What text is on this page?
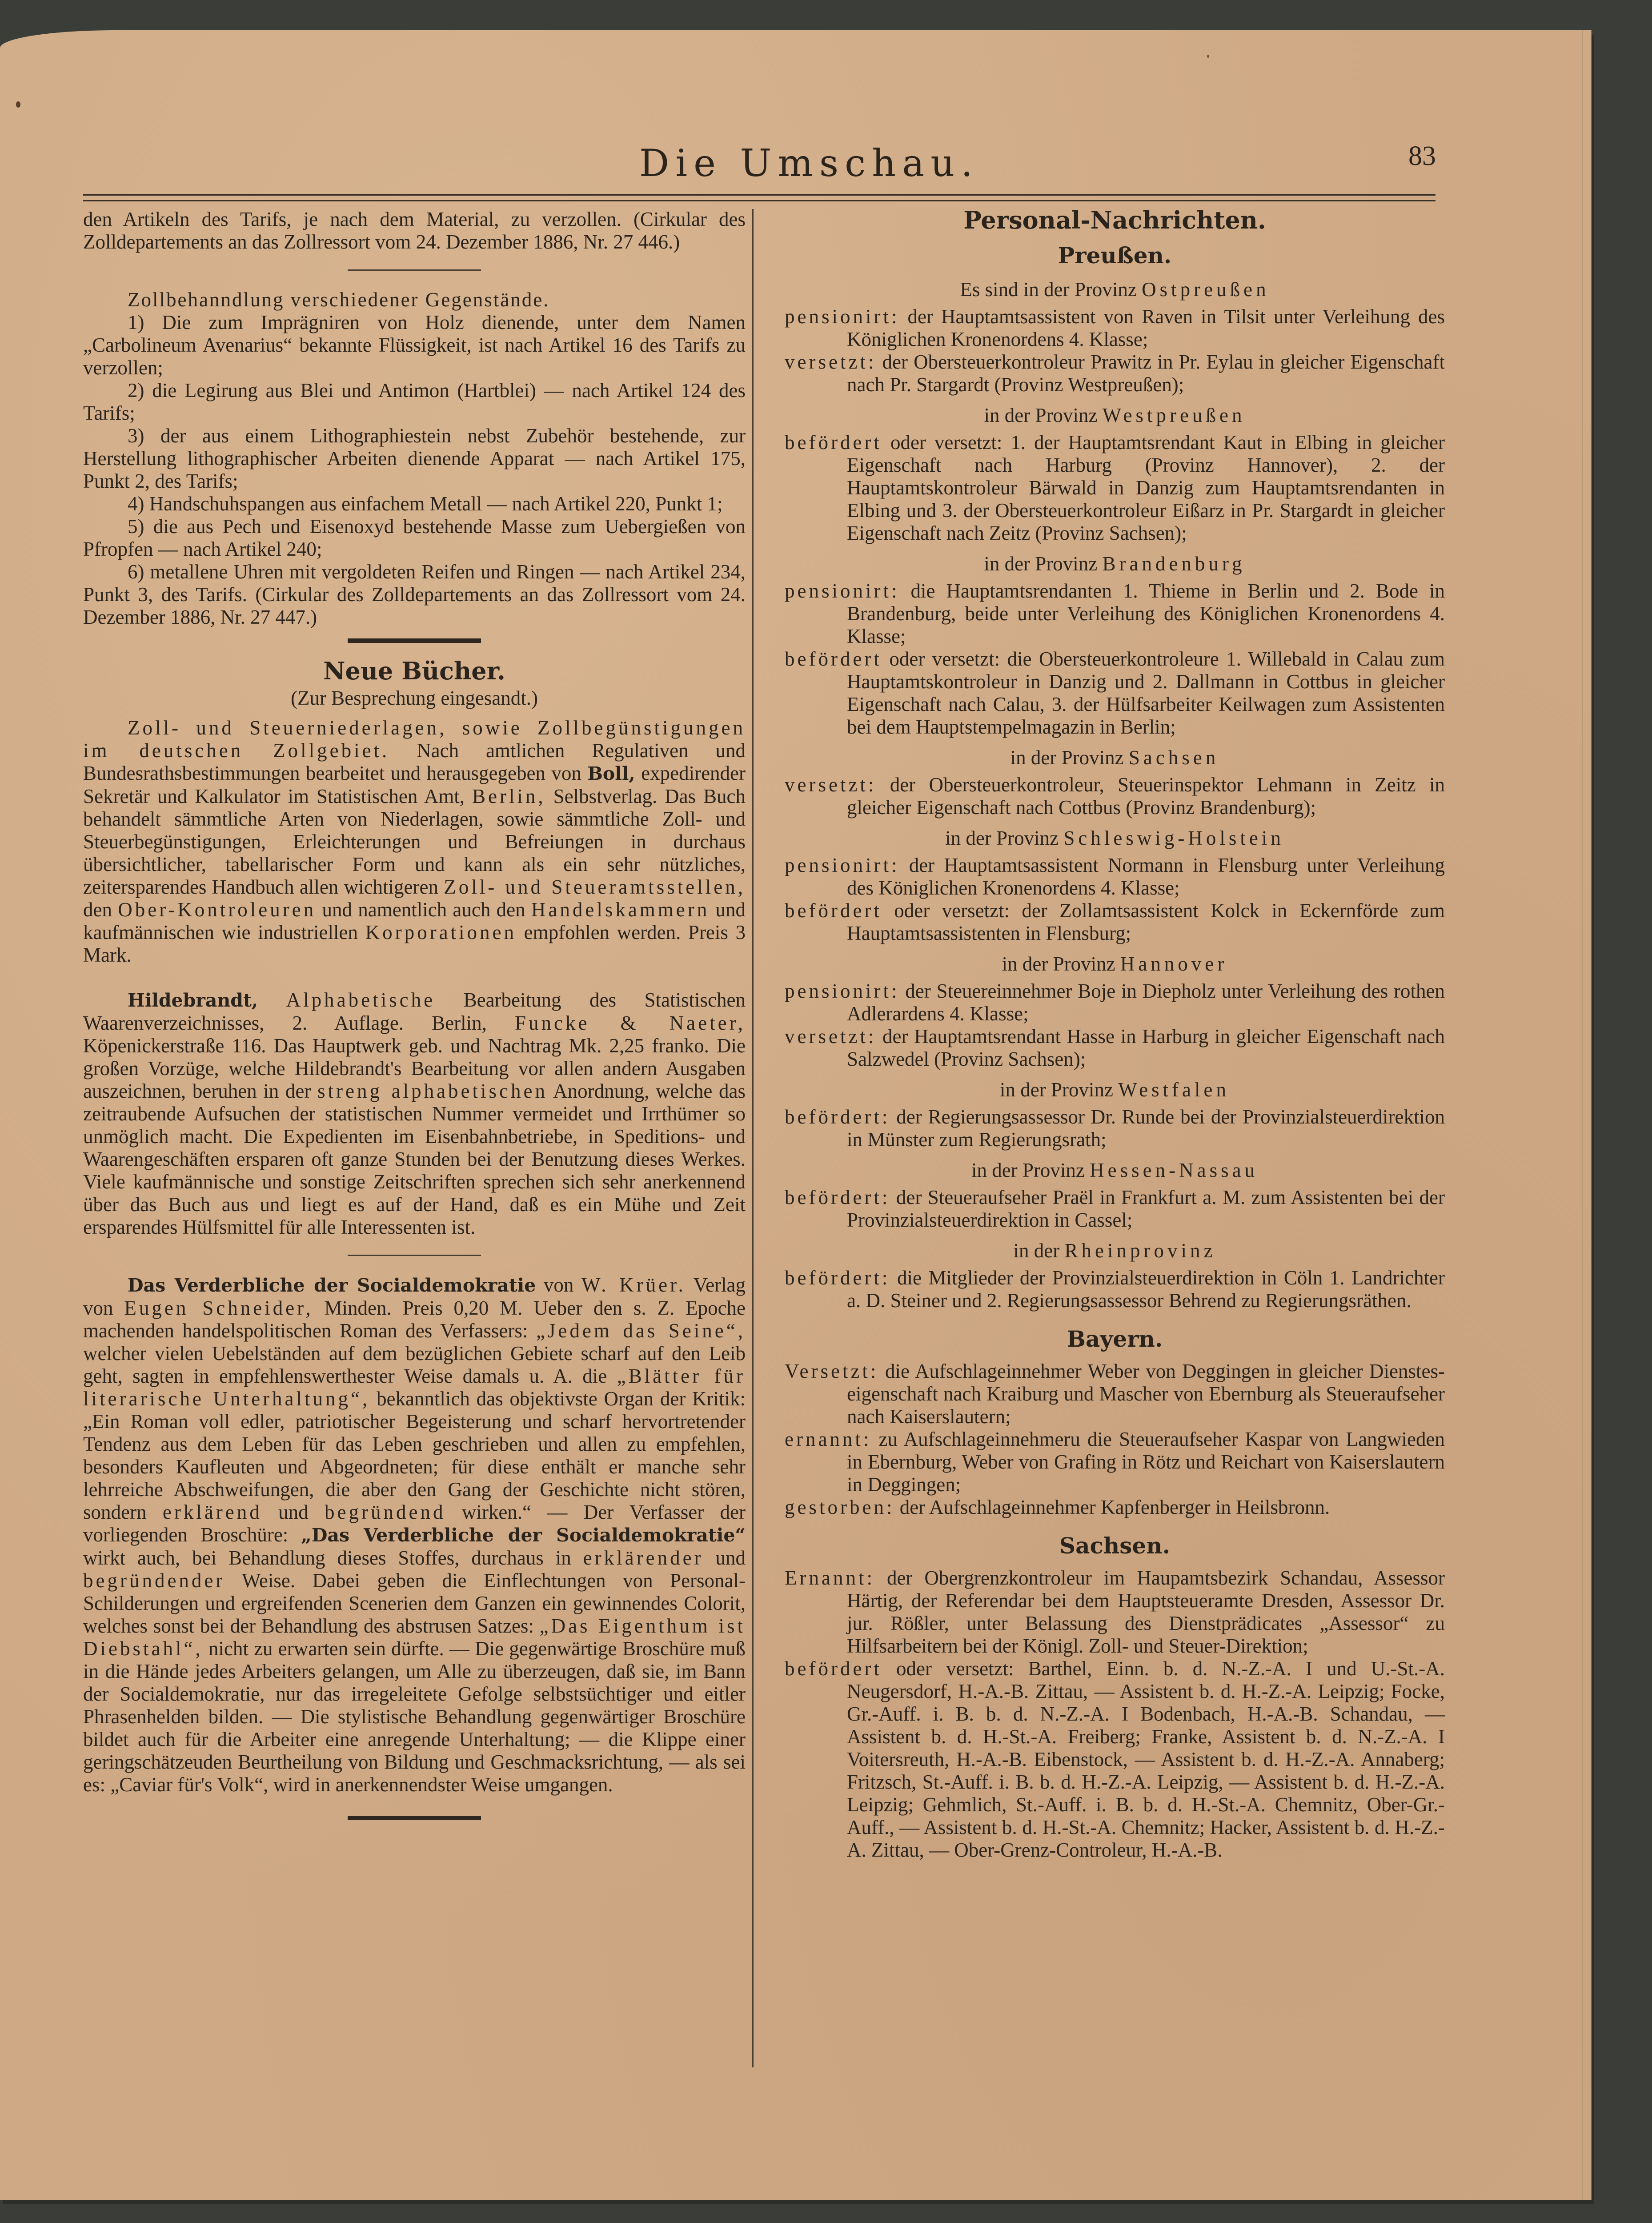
Die Umschau.	83

den Artikeln des Tarifs, je nach dem Material, zu verzollen. (Cirkular des Zolldepartements an das Zollressort vom 24. Dezember 1886, Nr. 27 446.)

Zollbehanndlung verschiedener Gegenstände.

1) Die zum Imprägniren von Holz dienende, unter dem Namen „Carbolineum Avenarius“ bekannte Flüssigkeit, ist nach Artikel 16 des Tarifs zu verzollen;

2) die Legirung aus Blei und Antimon (Hartblei) — nach Artikel 124 des Tarifs;

3) der aus einem Lithographiestein nebst Zubehör bestehende, zur Herstellung lithographischer Arbeiten dienende Apparat — nach Artikel 175, Punkt 2, des Tarifs;

4) Handschuhspangen aus einfachem Metall — nach Artikel 220, Punkt 1;

5) die aus Pech und Eisenoxyd bestehende Masse zum Uebergießen von Pfropfen — nach Artikel 240;

6) metallene Uhren mit vergoldeten Reifen und Ringen — nach Artikel 234, Punkt 3, des Tarifs. (Cirkular des Zolldepartements an das Zollressort vom 24. Dezember 1886, Nr. 27 447.)

Neue Bücher.
(Zur Besprechung eingesandt.)

Zoll- und Steuerniederlagen, sowie Zollbegünstigungen im deutschen Zollgebiet. Nach amtlichen Regulativen und Bundesrathsbestimmungen bearbeitet und herausgegeben von Boll, expedirender Sekretär und Kalkulator im Statistischen Amt, Berlin, Selbstverlag. Das Buch behandelt sämmtliche Arten von Niederlagen, sowie sämmtliche Zoll- und Steuerbegünstigungen, Erleichterungen und Befreiungen in durchaus übersichtlicher, tabellarischer Form und kann als ein sehr nützliches, zeitersparendes Handbuch allen wichtigeren Zoll- und Steueramtsstellen, den Ober-Kontroleuren und namentlich auch den Handelskammern und kaufmännischen wie industriellen Korporationen empfohlen werden. Preis 3 Mark.

Hildebrandt, Alphabetische Bearbeitung des Statistischen Waarenverzeichnisses, 2. Auflage. Berlin, Funcke & Naeter, Köpenickerstraße 116. Das Hauptwerk geb. und Nachtrag Mk. 2,25 franko. Die großen Vorzüge, welche Hildebrandt's Bearbeitung vor allen andern Ausgaben auszeichnen, beruhen in der streng alphabetischen Anordnung, welche das zeitraubende Aufsuchen der statistischen Nummer vermeidet und Irrthümer so unmöglich macht. Die Expedienten im Eisenbahnbetriebe, in Speditions- und Waarengeschäften ersparen oft ganze Stunden bei der Benutzung dieses Werkes. Viele kaufmännische und sonstige Zeitschriften sprechen sich sehr anerkennend über das Buch aus und liegt es auf der Hand, daß es ein Mühe und Zeit ersparendes Hülfsmittel für alle Interessenten ist.

Das Verderbliche der Socialdemokratie von W. Krüer. Verlag von Eugen Schneider, Minden. Preis 0,20 M. Ueber den s. Z. Epoche machenden handelspolitischen Roman des Verfassers: „Jedem das Seine“, welcher vielen Uebelständen auf dem bezüglichen Gebiete scharf auf den Leib geht, sagten in empfehlenswerthester Weise damals u. A. die „Blätter für literarische Unterhaltung“, bekanntlich das objektivste Organ der Kritik: „Ein Roman voll edler, patriotischer Begeisterung und scharf hervortretender Tendenz aus dem Leben für das Leben geschrieben und allen zu empfehlen, besonders Kaufleuten und Abgeordneten; für diese enthält er manche sehr lehrreiche Abschweifungen, die aber den Gang der Geschichte nicht stören, sondern erklärend und begründend wirken.“ — Der Verfasser der vorliegenden Broschüre: „Das Verderbliche der Socialdemokratie“ wirkt auch, bei Behandlung dieses Stoffes, durchaus in erklärender und begründender Weise. Dabei geben die Einflechtungen von Personal-Schilderungen und ergreifenden Scenerien dem Ganzen ein gewinnendes Colorit, welches sonst bei der Behandlung des abstrusen Satzes: „Das Eigenthum ist Diebstahl“, nicht zu erwarten sein dürfte. — Die gegenwärtige Broschüre muß in die Hände jedes Arbeiters gelangen, um Alle zu überzeugen, daß sie, im Bann der Socialdemokratie, nur das irregeleitete Gefolge selbstsüchtiger und eitler Phrasenhelden bilden. — Die stylistische Behandlung gegenwärtiger Broschüre bildet auch für die Arbeiter eine anregende Unterhaltung; — die Klippe einer geringschätzeuden Beurtheilung von Bildung und Geschmacksrichtung, — als sei es: „Caviar für's Volk“, wird in anerkennendster Weise umgangen.

Personal-Nachrichten.
Preußen.
Es sind in der Provinz Ostpreußen

pensionirt: der Hauptamtsassistent von Raven in Tilsit unter Verleihung des Königlichen Kronenordens 4. Klasse;

versetzt: der Obersteuerkontroleur Prawitz in Pr. Eylau in gleicher Eigenschaft nach Pr. Stargardt (Provinz Westpreußen);

in der Provinz Westpreußen

befördert oder versetzt: 1. der Hauptamtsrendant Kaut in Elbing in gleicher Eigenschaft nach Harburg (Provinz Hannover), 2. der Hauptamtskontroleur Bärwald in Danzig zum Hauptamtsrendanten in Elbing und 3. der Obersteuerkontroleur Eißarz in Pr. Stargardt in gleicher Eigenschaft nach Zeitz (Provinz Sachsen);

in der Provinz Brandenburg

pensionirt: die Hauptamtsrendanten 1. Thieme in Berlin und 2. Bode in Brandenburg, beide unter Verleihung des Königlichen Kronenordens 4. Klasse;

befördert oder versetzt: die Obersteuerkontroleure 1. Willebald in Calau zum Hauptamtskontroleur in Danzig und 2. Dallmann in Cottbus in gleicher Eigenschaft nach Calau, 3. der Hülfsarbeiter Keilwagen zum Assistenten bei dem Hauptstempelmagazin in Berlin;

in der Provinz Sachsen

versetzt: der Obersteuerkontroleur, Steuerinspektor Lehmann in Zeitz in gleicher Eigenschaft nach Cottbus (Provinz Brandenburg);

in der Provinz Schleswig-Holstein

pensionirt: der Hauptamtsassistent Normann in Flensburg unter Verleihung des Königlichen Kronenordens 4. Klasse;

befördert oder versetzt: der Zollamtsassistent Kolck in Eckernförde zum Hauptamtsassistenten in Flensburg;

in der Provinz Hannover

pensionirt: der Steuereinnehmer Boje in Diepholz unter Verleihung des rothen Adlerardens 4. Klasse;

versetzt: der Hauptamtsrendant Hasse in Harburg in gleicher Eigenschaft nach Salzwedel (Provinz Sachsen);

in der Provinz Westfalen

befördert: der Regierungsassessor Dr. Runde bei der Provinzialsteuerdirektion in Münster zum Regierungsrath;

in der Provinz Hessen-Nassau

befördert: der Steueraufseher Praël in Frankfurt a. M. zum Assistenten bei der Provinzialsteuerdirektion in Cassel;

in der Rheinprovinz

befördert: die Mitglieder der Provinzialsteuerdirektion in Cöln 1. Landrichter a. D. Steiner und 2. Regierungsassessor Behrend zu Regierungsräthen.

Bayern.

Versetzt: die Aufschlageinnehmer Weber von Deggingen in gleicher Dienstes-eigenschaft nach Kraiburg und Mascher von Ebernburg als Steueraufseher nach Kaiserslautern;

ernannt: zu Aufschlageinnehmeru die Steueraufseher Kaspar von Langwieden in Ebernburg, Weber von Grafing in Rötz und Reichart von Kaiserslautern in Deggingen;

gestorben: der Aufschlageinnehmer Kapfenberger in Heilsbronn.

Sachsen.

Ernannt: der Obergrenzkontroleur im Haupamtsbezirk Schandau, Assessor Härtig, der Referendar bei dem Hauptsteueramte Dresden, Assessor Dr. jur. Rößler, unter Belassung des Dienstprädicates „Assessor“ zu Hilfsarbeitern bei der Königl. Zoll- und Steuer-Direktion;

befördert oder versetzt: Barthel, Einn. b. d. N.-Z.-A. I und U.-St.-A. Neugersdorf, H.-A.-B. Zittau, — Assistent b. d. H.-Z.-A. Leipzig; Focke, Gr.-Auff. i. B. b. d. N.-Z.-A. I Bodenbach, H.-A.-B. Schandau, — Assistent b. d. H.-St.-A. Freiberg; Franke, Assistent b. d. N.-Z.-A. I Voitersreuth, H.-A.-B. Eibenstock, — Assistent b. d. H.-Z.-A. Annaberg; Fritzsch, St.-Auff. i. B. b. d. H.-Z.-A. Leipzig, — Assistent b. d. H.-Z.-A. Leipzig; Gehmlich, St.-Auff. i. B. b. d. H.-St.-A. Chemnitz, Ober-Gr.-Auff., — Assistent b. d. H.-St.-A. Chemnitz; Hacker, Assistent b. d. H.-Z.-A. Zittau, — Ober-Grenz-Controleur, H.-A.-B.
